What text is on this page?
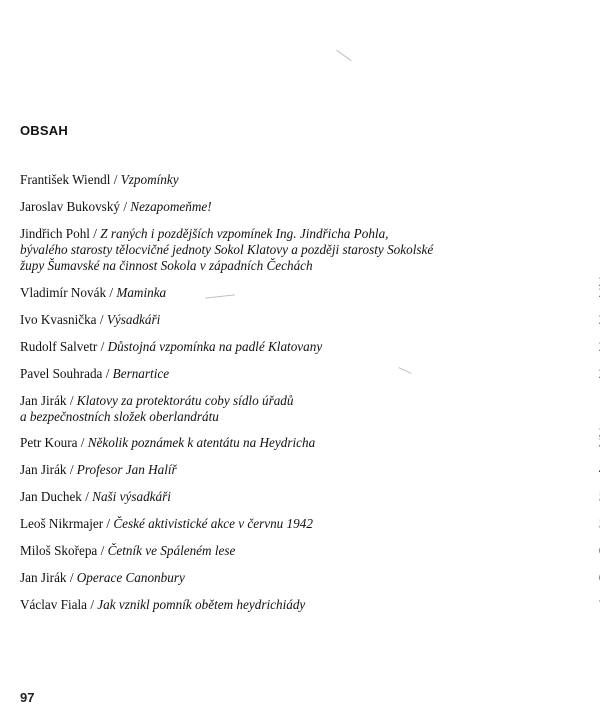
OBSAH
František Wiendl / Vzpomínky
Jaroslav Bukovský / Nezapomeňme!
Jindřich Pohl / Z raných i pozdějších vzpomínek Ing. Jindřicha Pohla,
bývalého starosty tělocvičné jednoty Sokol Klatovy a později starosty Sokolské
župy Šumavské na činnost Sokola v západních Čechách
Vladimír Novák / Maminka
Ivo Kvasnička / Výsadkáři
Rudolf Salvetr / Důstojná vzpomínka na padlé Klatovany
Pavel Souhrada / Bernartice
Jan Jirák / Klatovy za protektorátu coby sídlo úřadů
a bezpečnostních složek oberlandrátu
Petr Koura / Několik poznámek k atentátu na Heydricha
Jan Jirák / Profesor Jan Halíř
Jan Duchek / Naši výsadkáři
Leoš Nikrmajer / České aktivistické akce v červnu 1942
Miloš Skořepa / Četník ve Spáleném lese
Jan Jirák / Operace Canonbury
Václav Fiala / Jak vznikl pomník obětem heydrichiády
97
